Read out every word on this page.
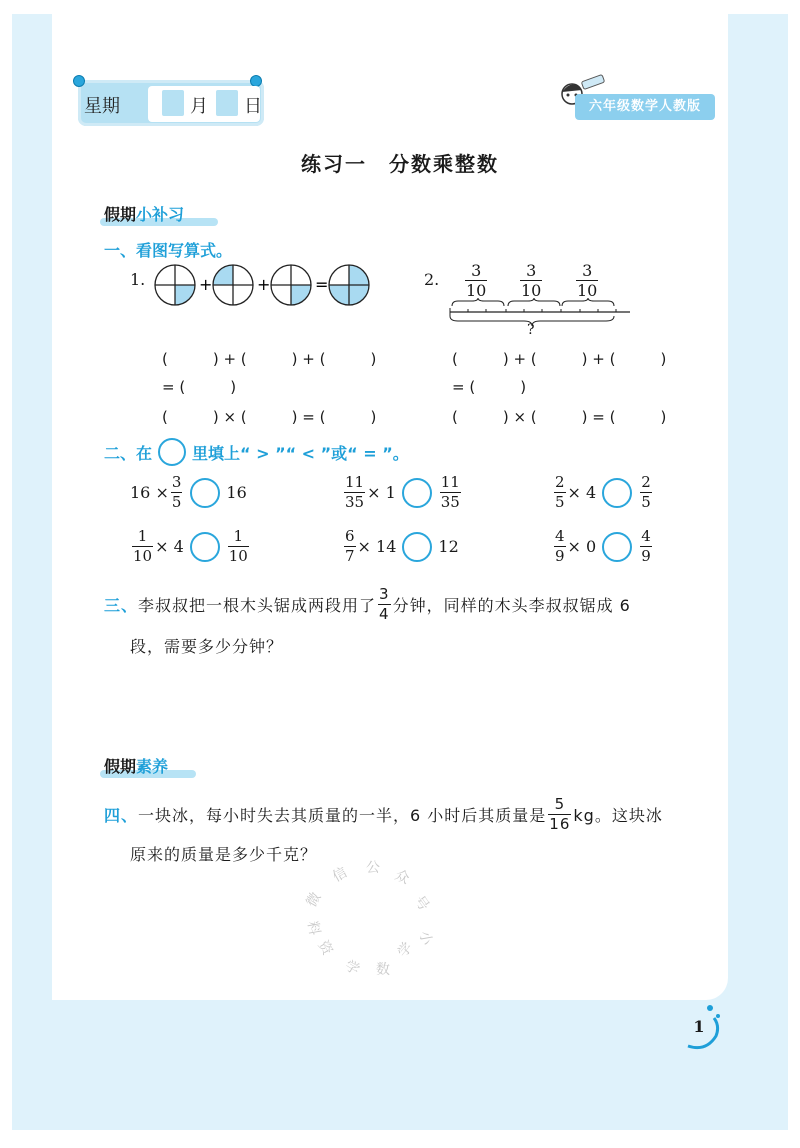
星期	月 日	六年级数学人教版
练习一　分数乘整数
假期小补习
一、看图写算式。
1.	+	+	=	2. $\frac{3}{10} \frac{3}{10} \frac{3}{10}$
?
(　　　) + (　　　) + (　　　)
= (　　　)
(　　　) × (　　　) = (　　　)
(　　　) + (　　　) + (　　　)
= (　　　)
(　　　) × (　　　) = (　　　)
二、在	里填上“ > ”“ < ”或“ = ”。
$16 \times \frac{3}{5}$	16	$\frac{11}{35} \times 1$	$\frac{11}{35}$	$\frac{2}{5} \times 4$	$\frac{2}{5}$
$\frac{1}{10} \times 4$	$\frac{1}{10}$	$\frac{6}{7} \times 14$	12	$\frac{4}{9} \times 0$	$\frac{4}{9}$
三、 李叔叔把一根木头锯成两段用了 $\frac{3}{4}$ 分钟，同样的木头李叔叔锯成 6
段，需要多少分钟？
假期素养
四、 一块冰，每小时失去其质量的一半，6 小时后其质量是 $\frac{5}{16}$ kg。这块冰
原来的质量是多少千克？
微
信 公 众
号
小
学
数
学
资
料
1
